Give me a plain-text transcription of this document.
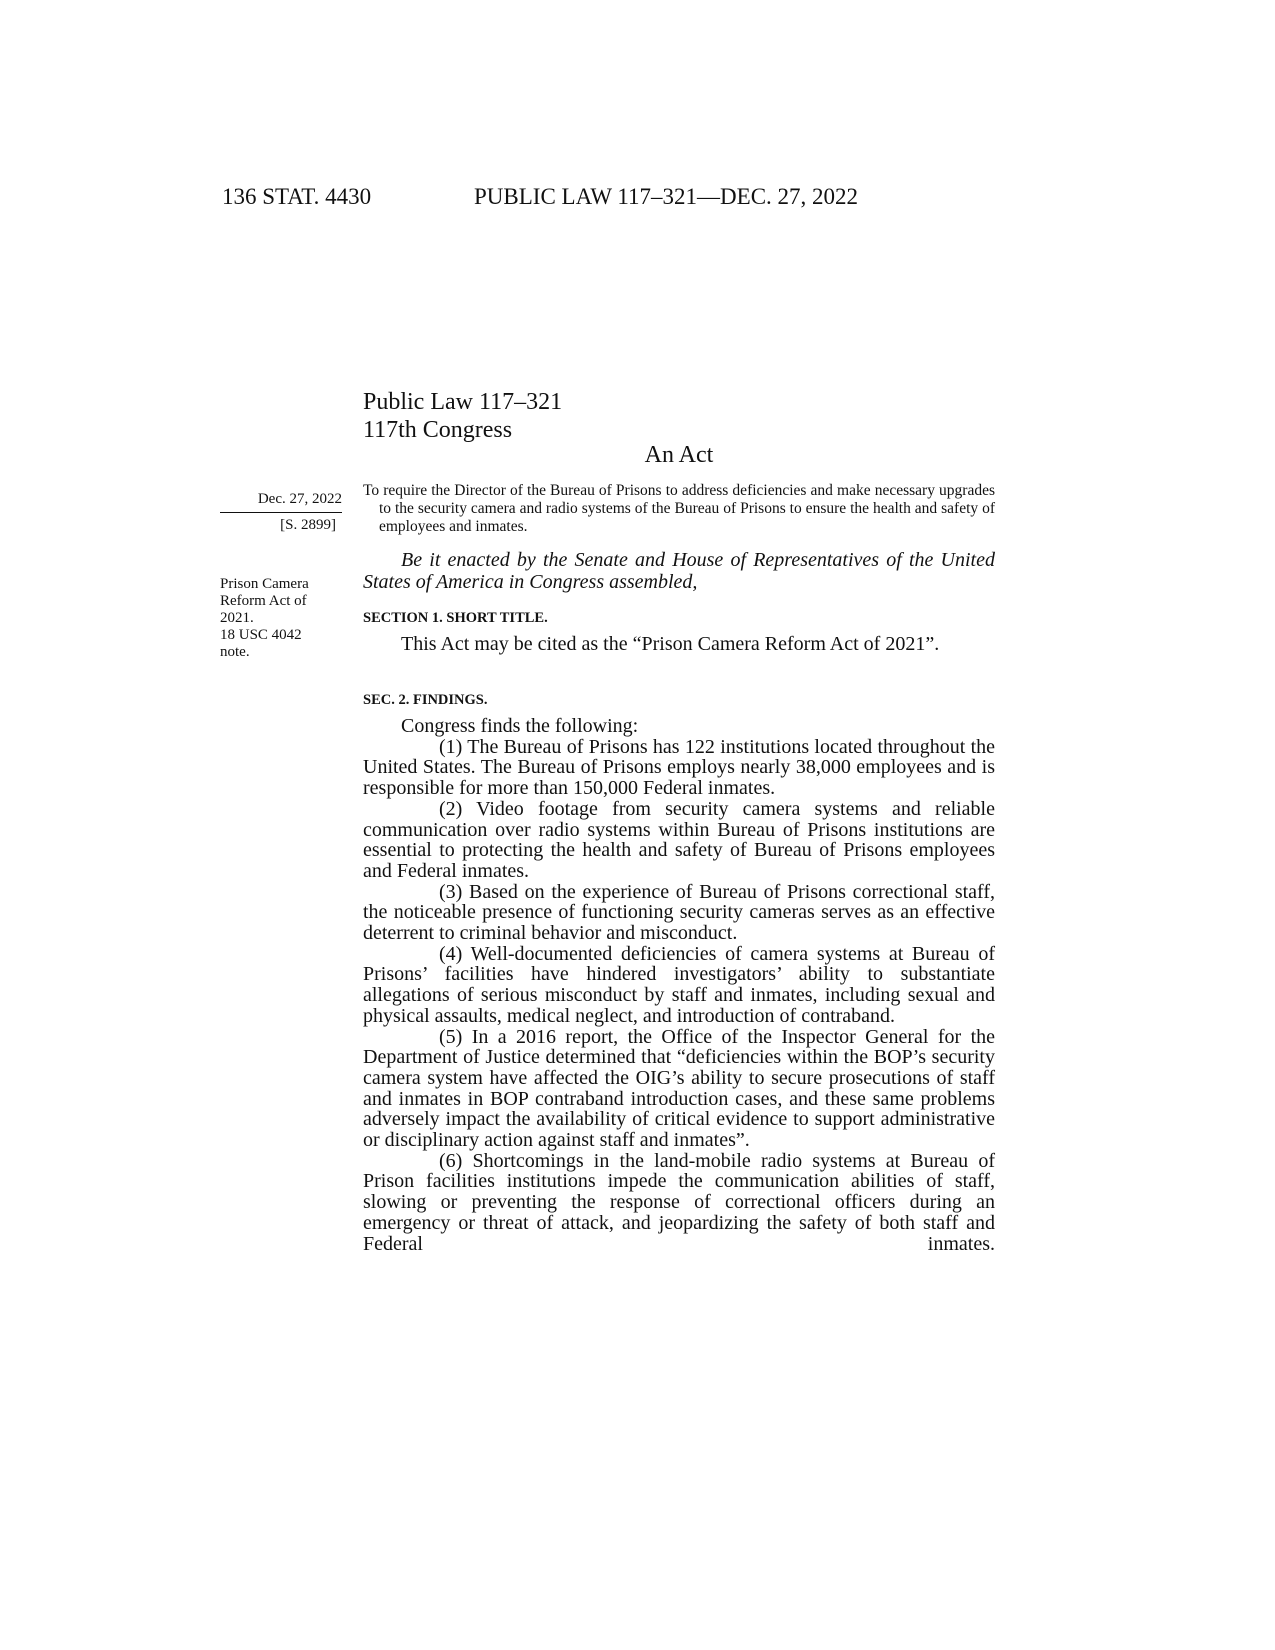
136 STAT. 4430	PUBLIC LAW 117–321—DEC. 27, 2022
Public Law 117–321
117th Congress
An Act
Dec. 27, 2022
[S. 2899]
Prison Camera
Reform Act of
2021.
18 USC 4042
note.
To require the Director of the Bureau of Prisons to address deficiencies and make necessary upgrades to the security camera and radio systems of the Bureau of Prisons to ensure the health and safety of employees and inmates.
Be it enacted by the Senate and House of Representatives of the United States of America in Congress assembled,
SECTION 1. SHORT TITLE.
This Act may be cited as the “Prison Camera Reform Act of 2021”.
SEC. 2. FINDINGS.

Congress finds the following:

(1) The Bureau of Prisons has 122 institutions located throughout the United States. The Bureau of Prisons employs nearly 38,000 employees and is responsible for more than 150,000 Federal inmates.

(2) Video footage from security camera systems and reliable communication over radio systems within Bureau of Prisons institutions are essential to protecting the health and safety of Bureau of Prisons employees and Federal inmates.

(3) Based on the experience of Bureau of Prisons correctional staff, the noticeable presence of functioning security cameras serves as an effective deterrent to criminal behavior and misconduct.

(4) Well-documented deficiencies of camera systems at Bureau of Prisons’ facilities have hindered investigators’ ability to substantiate allegations of serious misconduct by staff and inmates, including sexual and physical assaults, medical neglect, and introduction of contraband.

(5) In a 2016 report, the Office of the Inspector General for the Department of Justice determined that “deficiencies within the BOP’s security camera system have affected the OIG’s ability to secure prosecutions of staff and inmates in BOP contraband introduction cases, and these same problems adversely impact the availability of critical evidence to support administrative or disciplinary action against staff and inmates”.

(6) Shortcomings in the land-mobile radio systems at Bureau of Prison facilities institutions impede the communication abilities of staff, slowing or preventing the response of correctional officers during an emergency or threat of attack, and jeopardizing the safety of both staff and Federal inmates.
